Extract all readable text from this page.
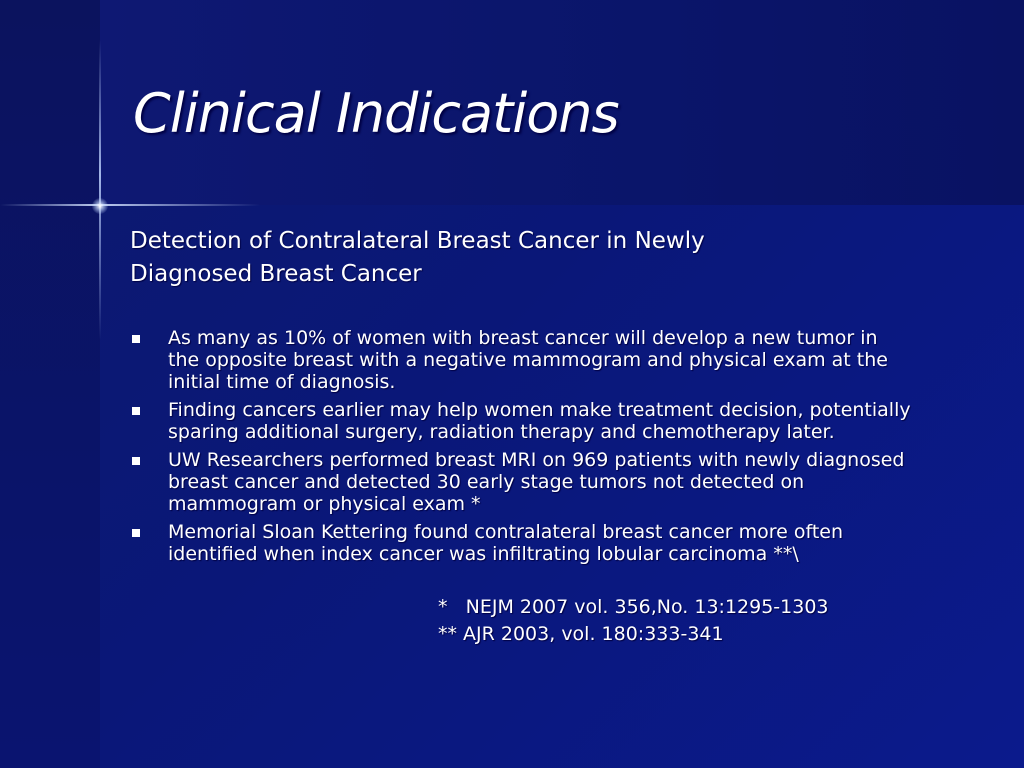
Clinical Indications
Detection of Contralateral Breast Cancer in Newly
Diagnosed Breast Cancer
As many as 10% of women with breast cancer will develop a new tumor in
the opposite breast with a negative mammogram and physical exam at the
initial time of diagnosis.
Finding cancers earlier may help women make treatment decision, potentially
sparing additional surgery, radiation therapy and chemotherapy later.
UW Researchers performed breast MRI on 969 patients with newly diagnosed
breast cancer and detected 30 early stage tumors not detected on
mammogram or physical exam *
Memorial Sloan Kettering found contralateral breast cancer more often
identified when index cancer was infiltrating lobular carcinoma **\
*   NEJM 2007 vol. 356,No. 13:1295-1303
** AJR 2003, vol. 180:333-341
